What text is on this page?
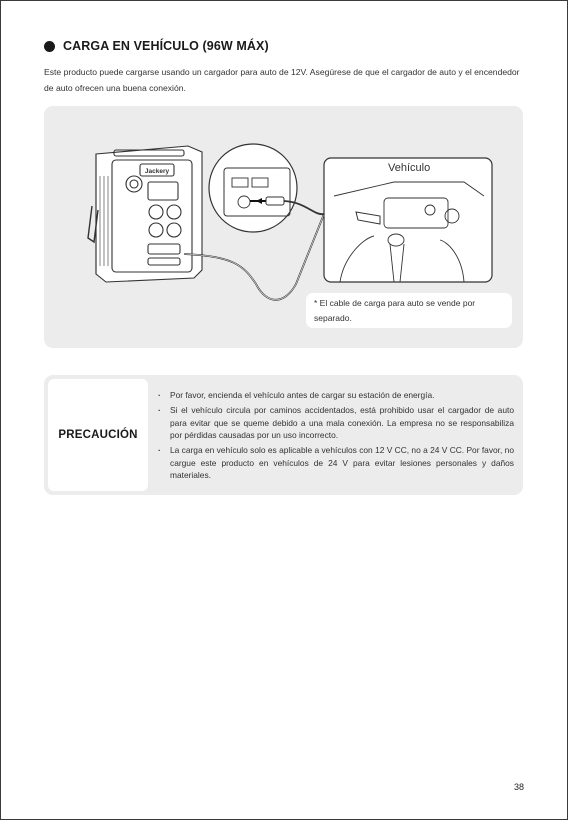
CARGA EN VEHÍCULO (96W MÁX)
Este producto puede cargarse usando un cargador para auto de 12V. Asegúrese de que el cargador de auto y el encendedor de auto ofrecen una buena conexión.
Jackery	Vehículo
* El cable de carga para auto se vende por separado.
PRECAUCIÓN
· Por favor, encienda el vehículo antes de cargar su estación de energía.
· Si el vehículo circula por caminos accidentados, está prohibido usar el cargador de auto para evitar que se queme debido a una mala conexión. La empresa no se responsabiliza por pérdidas causadas por un uso incorrecto.
· La carga en vehículo solo es aplicable a vehículos con 12 V CC, no a 24 V CC. Por favor, no cargue este producto en vehículos de 24 V para evitar lesiones personales y daños materiales.
38
